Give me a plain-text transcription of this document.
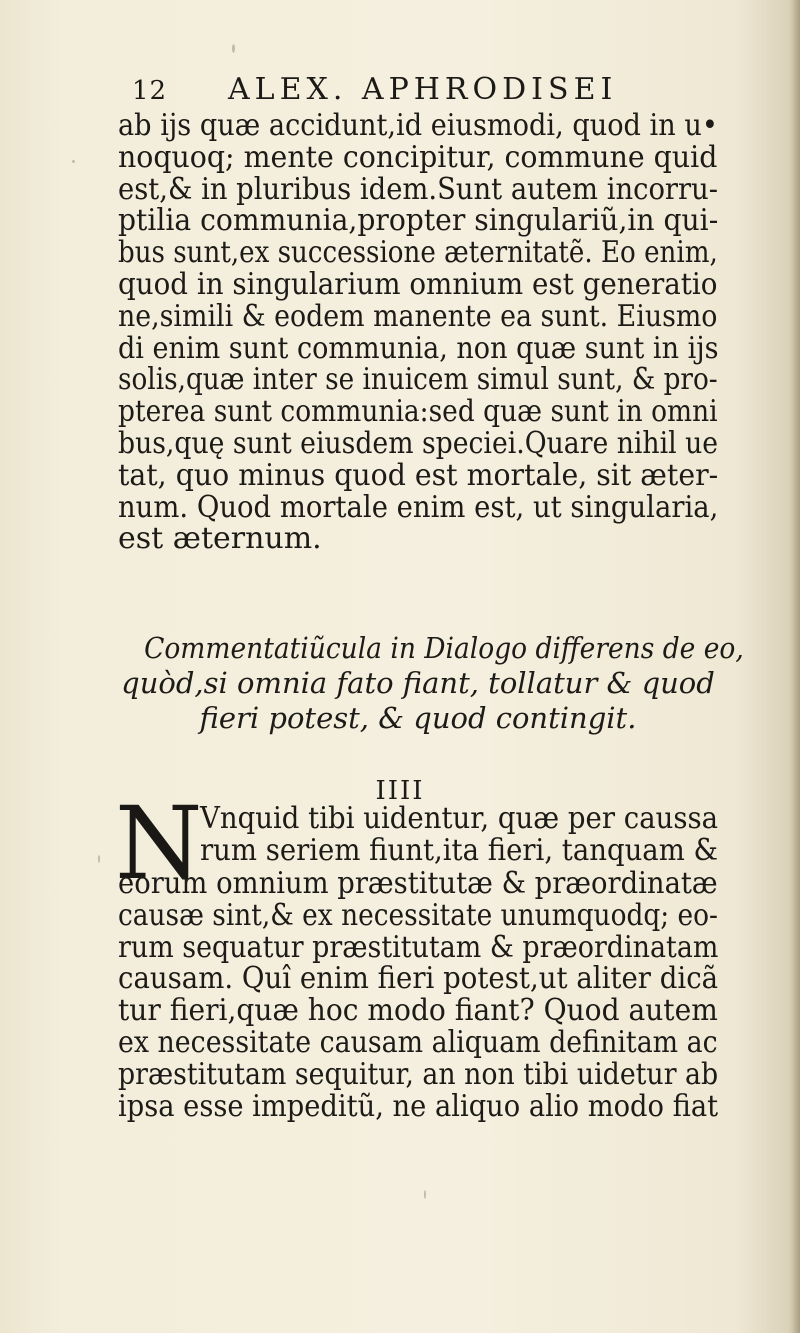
12 ALEX. APHRODISEI
ab ijs quæ accidunt,id eiusmodi, quod in u•
noquoq; mente concipitur, commune quid
est,& in pluribus idem.Sunt autem incorru-
ptilia communia,propter singulariũ,in qui-
bus sunt,ex successione æternitatẽ. Eo enim,
quod in singularium omnium est generatio
ne,simili & eodem manente ea sunt. Eiusmo
di enim sunt communia, non quæ sunt in ijs
solis,quæ inter se inuicem simul sunt, & pro-
pterea sunt communia:sed quæ sunt in omni
bus,quę sunt eiusdem speciei.Quare nihil ue
tat, quo minus quod est mortale, sit æter-
num. Quod mortale enim est, ut singularia,
est æternum.
Commentatiũcula in Dialogo differens de eo,
quòd,si omnia fato fiant, tollatur & quod
fieri potest, & quod contingit.
IIII
N
Vnquid tibi uidentur, quæ per caussa
rum seriem fiunt,ita fieri, tanquam &
eorum omnium præstitutæ & præordinatæ
causæ sint,& ex necessitate unumquodq; eo-
rum sequatur præstitutam & præordinatam
causam. Quî enim fieri potest,ut aliter dicã
tur fieri,quæ hoc modo fiant? Quod autem
ex necessitate causam aliquam definitam ac
præstitutam sequitur, an non tibi uidetur ab
ipsa esse impeditũ, ne aliquo alio modo fiat
